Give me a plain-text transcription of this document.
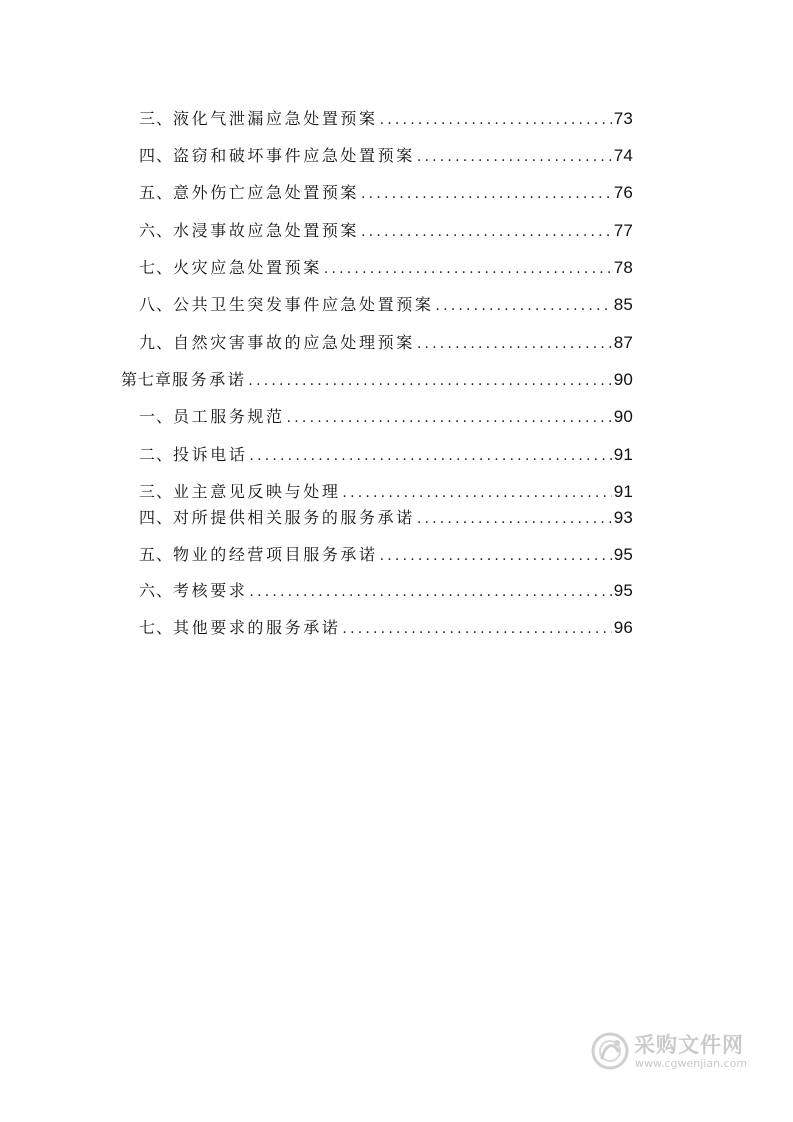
三、 液化气泄漏应急处置预案 .....	73
四、 盗窃和破坏事件应急处置预案 .....	74
五、 意外伤亡应急处置预案 .....	76
六、 水浸事故应急处置预案 .....	77
七、 火灾应急处置预案 .....	78
八、 公共卫生突发事件应急处置预案 .....	85
九、 自然灾害事故的应急处理预案 .....	87
第七章 服务承诺 .....	90
一、 员工服务规范 .....	90
二、 投诉电话 .....	91
三、 业主意见反映与处理 .....	91
四、 对所提供相关服务的服务承诺 .....	93
五、 物业的经营项目服务承诺 .....	95
六、 考核要求 .....	95
七、 其他要求的服务承诺 .....	96
采购文件网
www.cgwenjian.com
